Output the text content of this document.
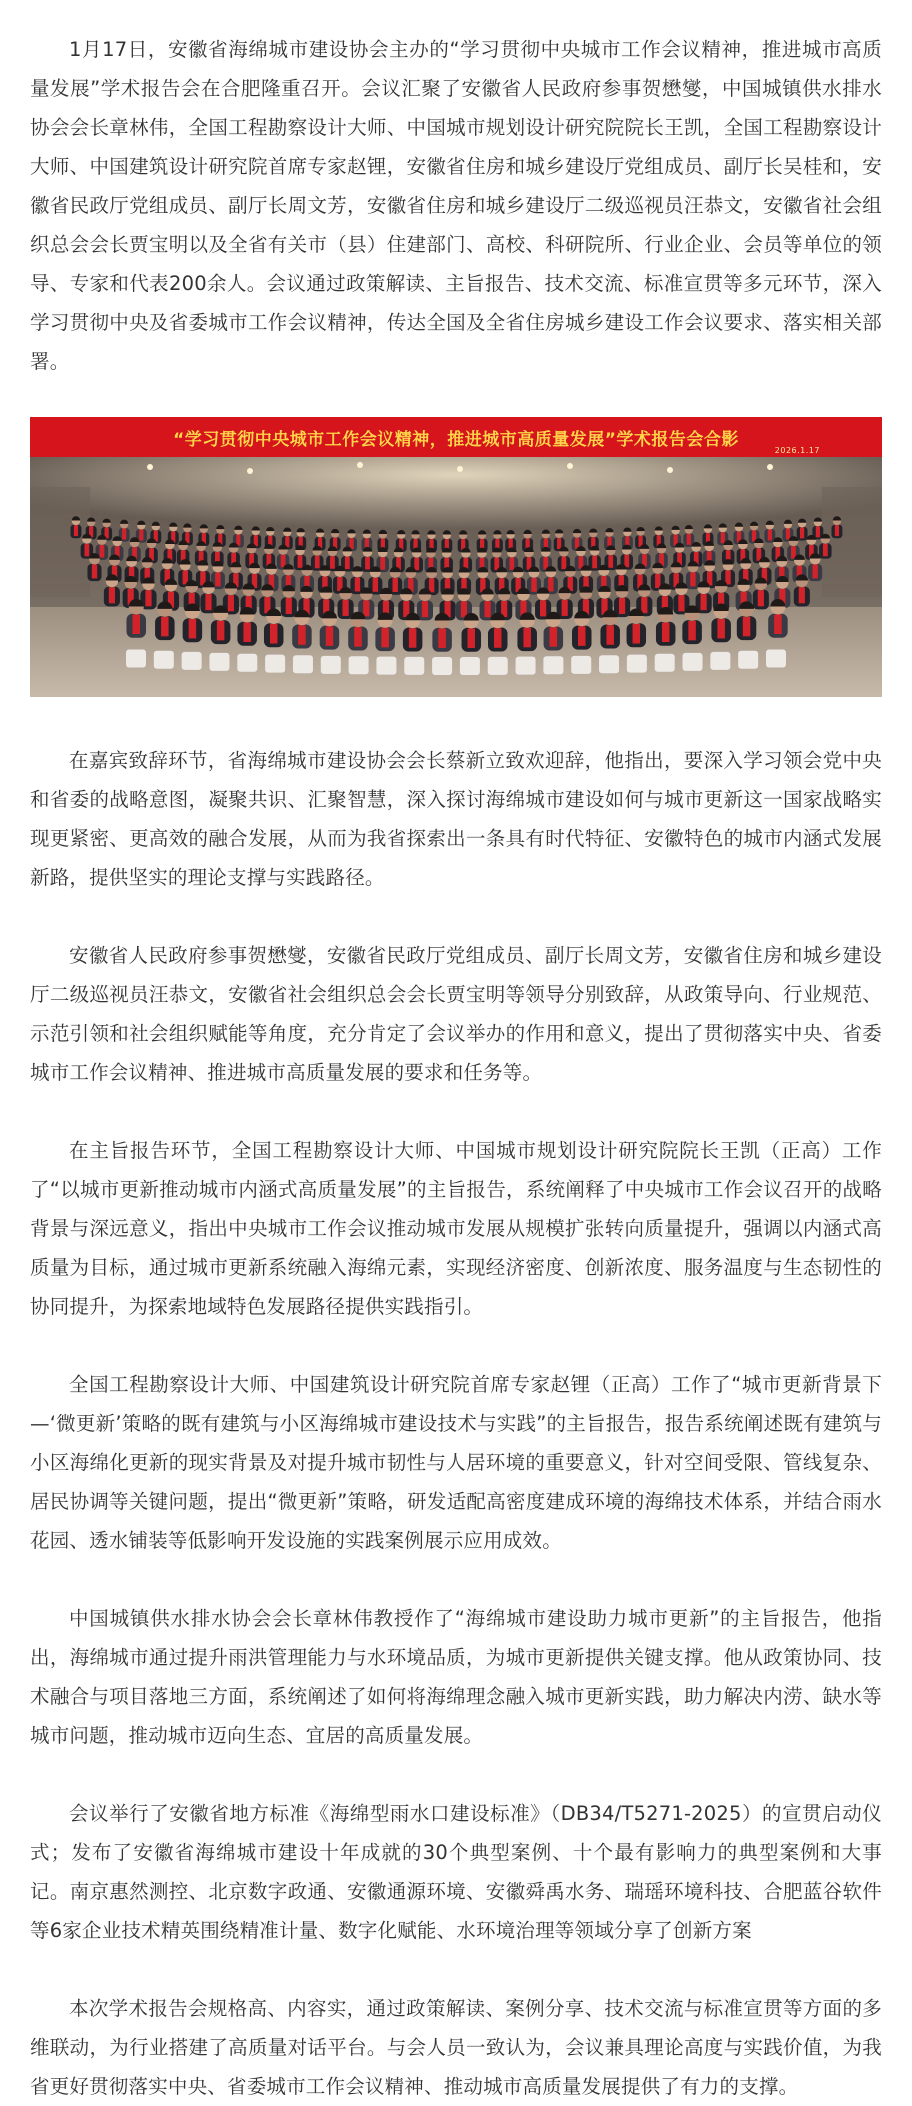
1月17日，安徽省海绵城市建设协会主办的“学习贯彻中央城市工作会议精神，推进城市高质量发展”学术报告会在合肥隆重召开。会议汇聚了安徽省人民政府参事贺懋燮，中国城镇供水排水协会会长章林伟，全国工程勘察设计大师、中国城市规划设计研究院院长王凯，全国工程勘察设计大师、中国建筑设计研究院首席专家赵锂，安徽省住房和城乡建设厅党组成员、副厅长吴桂和，安徽省民政厅党组成员、副厅长周文芳，安徽省住房和城乡建设厅二级巡视员汪恭文，安徽省社会组织总会会长贾宝明以及全省有关市（县）住建部门、高校、科研院所、行业企业、会员等单位的领导、专家和代表200余人。会议通过政策解读、主旨报告、技术交流、标准宣贯等多元环节，深入学习贯彻中央及省委城市工作会议精神，传达全国及全省住房城乡建设工作会议要求、落实相关部署。

“学习贯彻中央城市工作会议精神，推进城市高质量发展”学术报告会合影
2026.1.17

在嘉宾致辞环节，省海绵城市建设协会会长蔡新立致欢迎辞，他指出，要深入学习领会党中央和省委的战略意图，凝聚共识、汇聚智慧，深入探讨海绵城市建设如何与城市更新这一国家战略实现更紧密、更高效的融合发展，从而为我省探索出一条具有时代特征、安徽特色的城市内涵式发展新路，提供坚实的理论支撑与实践路径。

安徽省人民政府参事贺懋燮，安徽省民政厅党组成员、副厅长周文芳，安徽省住房和城乡建设厅二级巡视员汪恭文，安徽省社会组织总会会长贾宝明等领导分别致辞，从政策导向、行业规范、示范引领和社会组织赋能等角度，充分肯定了会议举办的作用和意义，提出了贯彻落实中央、省委城市工作会议精神、推进城市高质量发展的要求和任务等。

在主旨报告环节，全国工程勘察设计大师、中国城市规划设计研究院院长王凯（正高）工作了“以城市更新推动城市内涵式高质量发展”的主旨报告，系统阐释了中央城市工作会议召开的战略背景与深远意义，指出中央城市工作会议推动城市发展从规模扩张转向质量提升，强调以内涵式高质量为目标，通过城市更新系统融入海绵元素，实现经济密度、创新浓度、服务温度与生态韧性的协同提升，为探索地域特色发展路径提供实践指引。

全国工程勘察设计大师、中国建筑设计研究院首席专家赵锂（正高）工作了“城市更新背景下—‘微更新’策略的既有建筑与小区海绵城市建设技术与实践”的主旨报告，报告系统阐述既有建筑与小区海绵化更新的现实背景及对提升城市韧性与人居环境的重要意义，针对空间受限、管线复杂、居民协调等关键问题，提出“微更新”策略，研发适配高密度建成环境的海绵技术体系，并结合雨水花园、透水铺装等低影响开发设施的实践案例展示应用成效。

中国城镇供水排水协会会长章林伟教授作了“海绵城市建设助力城市更新”的主旨报告，他指出，海绵城市通过提升雨洪管理能力与水环境品质，为城市更新提供关键支撑。他从政策协同、技术融合与项目落地三方面，系统阐述了如何将海绵理念融入城市更新实践，助力解决内涝、缺水等城市问题，推动城市迈向生态、宜居的高质量发展。

会议举行了安徽省地方标准《海绵型雨水口建设标准》（DB34/T5271-2025）的宣贯启动仪式；发布了安徽省海绵城市建设十年成就的30个典型案例、十个最有影响力的典型案例和大事记。南京惠然测控、北京数字政通、安徽通源环境、安徽舜禹水务、瑞瑶环境科技、合肥蓝谷软件等6家企业技术精英围绕精准计量、数字化赋能、水环境治理等领域分享了创新方案

本次学术报告会规格高、内容实，通过政策解读、案例分享、技术交流与标准宣贯等方面的多维联动，为行业搭建了高质量对话平台。与会人员一致认为，会议兼具理论高度与实践价值，为我省更好贯彻落实中央、省委城市工作会议精神、推动城市高质量发展提供了有力的支撑。
